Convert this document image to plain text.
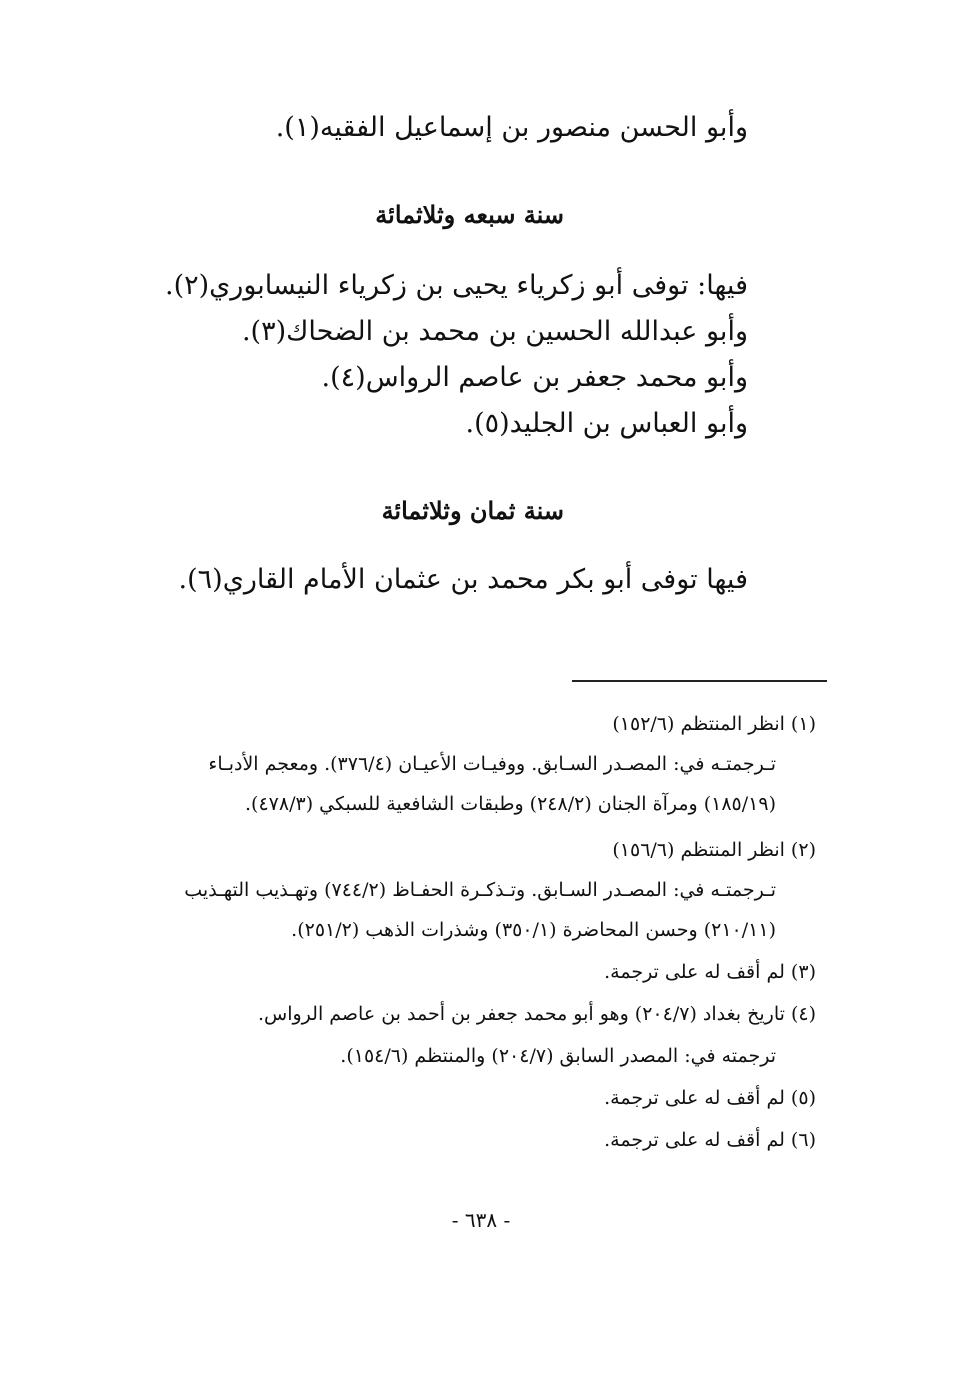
وأبو الحسن منصور بن إسماعيل الفقيه(١).
سنة سبعه وثلاثمائة
فيها: توفى أبو زكرياء يحيى بن زكرياء النيسابوري(٢).
وأبو عبدالله الحسين بن محمد بن الضحاك(٣).
وأبو محمد جعفر بن عاصم الرواس(٤).
وأبو العباس بن الجليد(٥).
سنة ثمان وثلاثمائة
فيها توفى أبو بكر محمد بن عثمان الأمام القاري(٦).
(١) انظر المنتظم (١٥٢/٦)
تـرجمتـه في: المصـدر السـابق. ووفيـات الأعيـان (٣٧٦/٤). ومعجم الأدبـاء
(١٨٥/١٩) ومرآة الجنان (٢٤٨/٢) وطبقات الشافعية للسبكي (٤٧٨/٣).
(٢) انظر المنتظم (١٥٦/٦)
تـرجمتـه في: المصـدر السـابق. وتـذكـرة الحفـاظ (٧٤٤/٢) وتهـذيب التهـذيب
(٢١٠/١١) وحسن المحاضرة (٣٥٠/١) وشذرات الذهب (٢٥١/٢).
(٣) لم أقف له على ترجمة.
(٤) تاريخ بغداد (٢٠٤/٧) وهو أبو محمد جعفر بن أحمد بن عاصم الرواس.
ترجمته في: المصدر السابق (٢٠٤/٧) والمنتظم (١٥٤/٦).
(٥) لم أقف له على ترجمة.
(٦) لم أقف له على ترجمة.
- ٦٣٨ -
